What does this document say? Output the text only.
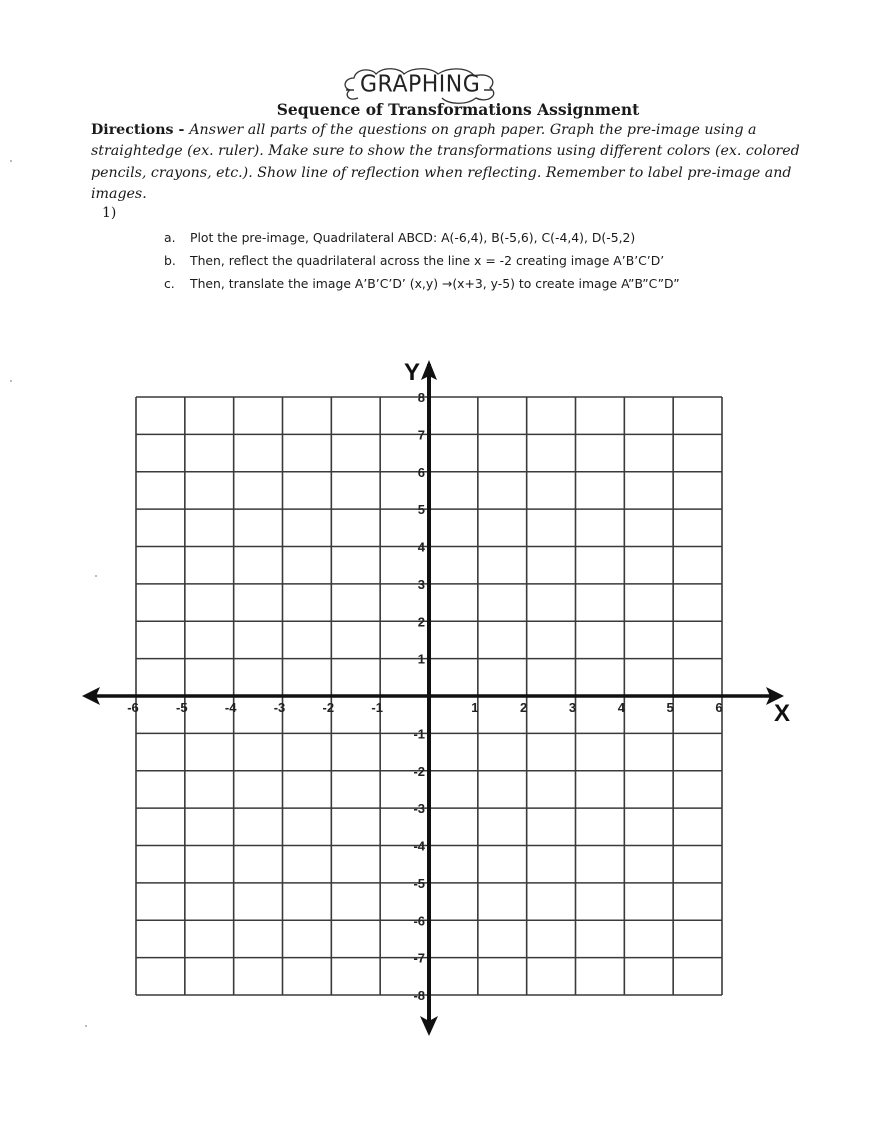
GRAPHING
Sequence of Transformations Assignment
Directions - Answer all parts of the questions on graph paper. Graph the pre-image using a straightedge (ex. ruler). Make sure to show the transformations using different colors (ex. colored pencils, crayons, etc.). Show line of reflection when reflecting. Remember to label pre-image and images.
1)
a. Plot the pre-image, Quadrilateral ABCD: A(-6,4), B(-5,6), C(-4,4), D(-5,2)
b. Then, reflect the quadrilateral across the line x = -2 creating image A’B’C’D’
c. Then, translate the image A’B’C’D’ (x,y) →(x+3, y-5) to create image A”B”C”D”
X
Y
-6	-5	-4	-3	-2	-1	1	2	3	4	5	6
8
7
6
5
4
3
2
1
-1
-2
-3
-4
-5
-6
-7
-8
